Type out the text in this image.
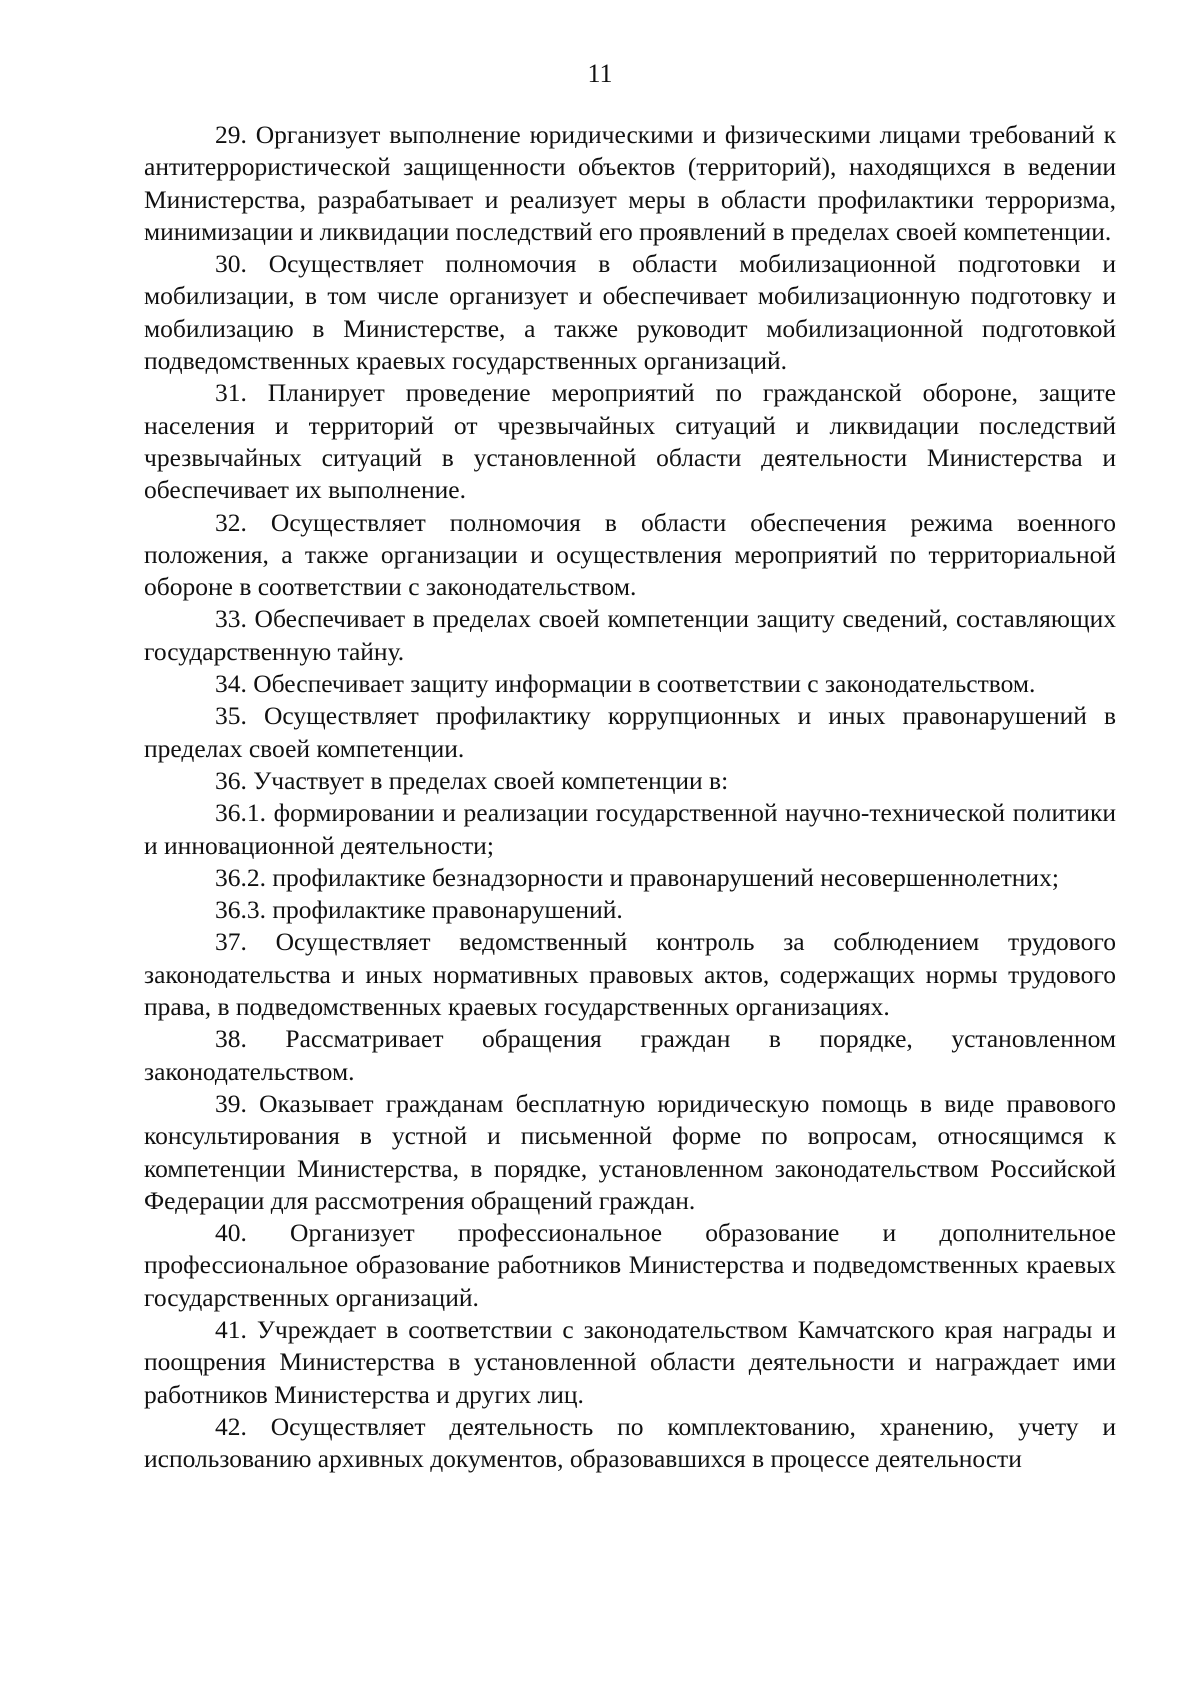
11

29. Организует выполнение юридическими и физическими лицами требований к антитеррористической защищенности объектов (территорий), находящихся в ведении Министерства, разрабатывает и реализует меры в области профилактики терроризма, минимизации и ликвидации последствий его проявлений в пределах своей компетенции.

30. Осуществляет полномочия в области мобилизационной подготовки и мобилизации, в том числе организует и обеспечивает мобилизационную подготовку и мобилизацию в Министерстве, а также руководит мобилизационной подготовкой подведомственных краевых государственных организаций.

31. Планирует проведение мероприятий по гражданской обороне, защите населения и территорий от чрезвычайных ситуаций и ликвидации последствий чрезвычайных ситуаций в установленной области деятельности Министерства и обеспечивает их выполнение.

32. Осуществляет полномочия в области обеспечения режима военного положения, а также организации и осуществления мероприятий по территориальной обороне в соответствии с законодательством.

33. Обеспечивает в пределах своей компетенции защиту сведений, составляющих государственную тайну.

34. Обеспечивает защиту информации в соответствии с законодательством.

35. Осуществляет профилактику коррупционных и иных правонарушений в пределах своей компетенции.

36. Участвует в пределах своей компетенции в:

36.1. формировании и реализации государственной научно-технической политики и инновационной деятельности;

36.2. профилактике безнадзорности и правонарушений несовершеннолетних;

36.3. профилактике правонарушений.

37. Осуществляет ведомственный контроль за соблюдением трудового законодательства и иных нормативных правовых актов, содержащих нормы трудового права, в подведомственных краевых государственных организациях.

38. Рассматривает обращения граждан в порядке, установленном законодательством.

39. Оказывает гражданам бесплатную юридическую помощь в виде правового консультирования в устной и письменной форме по вопросам, относящимся к компетенции Министерства, в порядке, установленном законодательством Российской Федерации для рассмотрения обращений граждан.

40. Организует профессиональное образование и дополнительное профессиональное образование работников Министерства и подведомственных краевых государственных организаций.

41. Учреждает в соответствии с законодательством Камчатского края награды и поощрения Министерства в установленной области деятельности и награждает ими работников Министерства и других лиц.

42. Осуществляет деятельность по комплектованию, хранению, учету и использованию архивных документов, образовавшихся в процессе деятельности
